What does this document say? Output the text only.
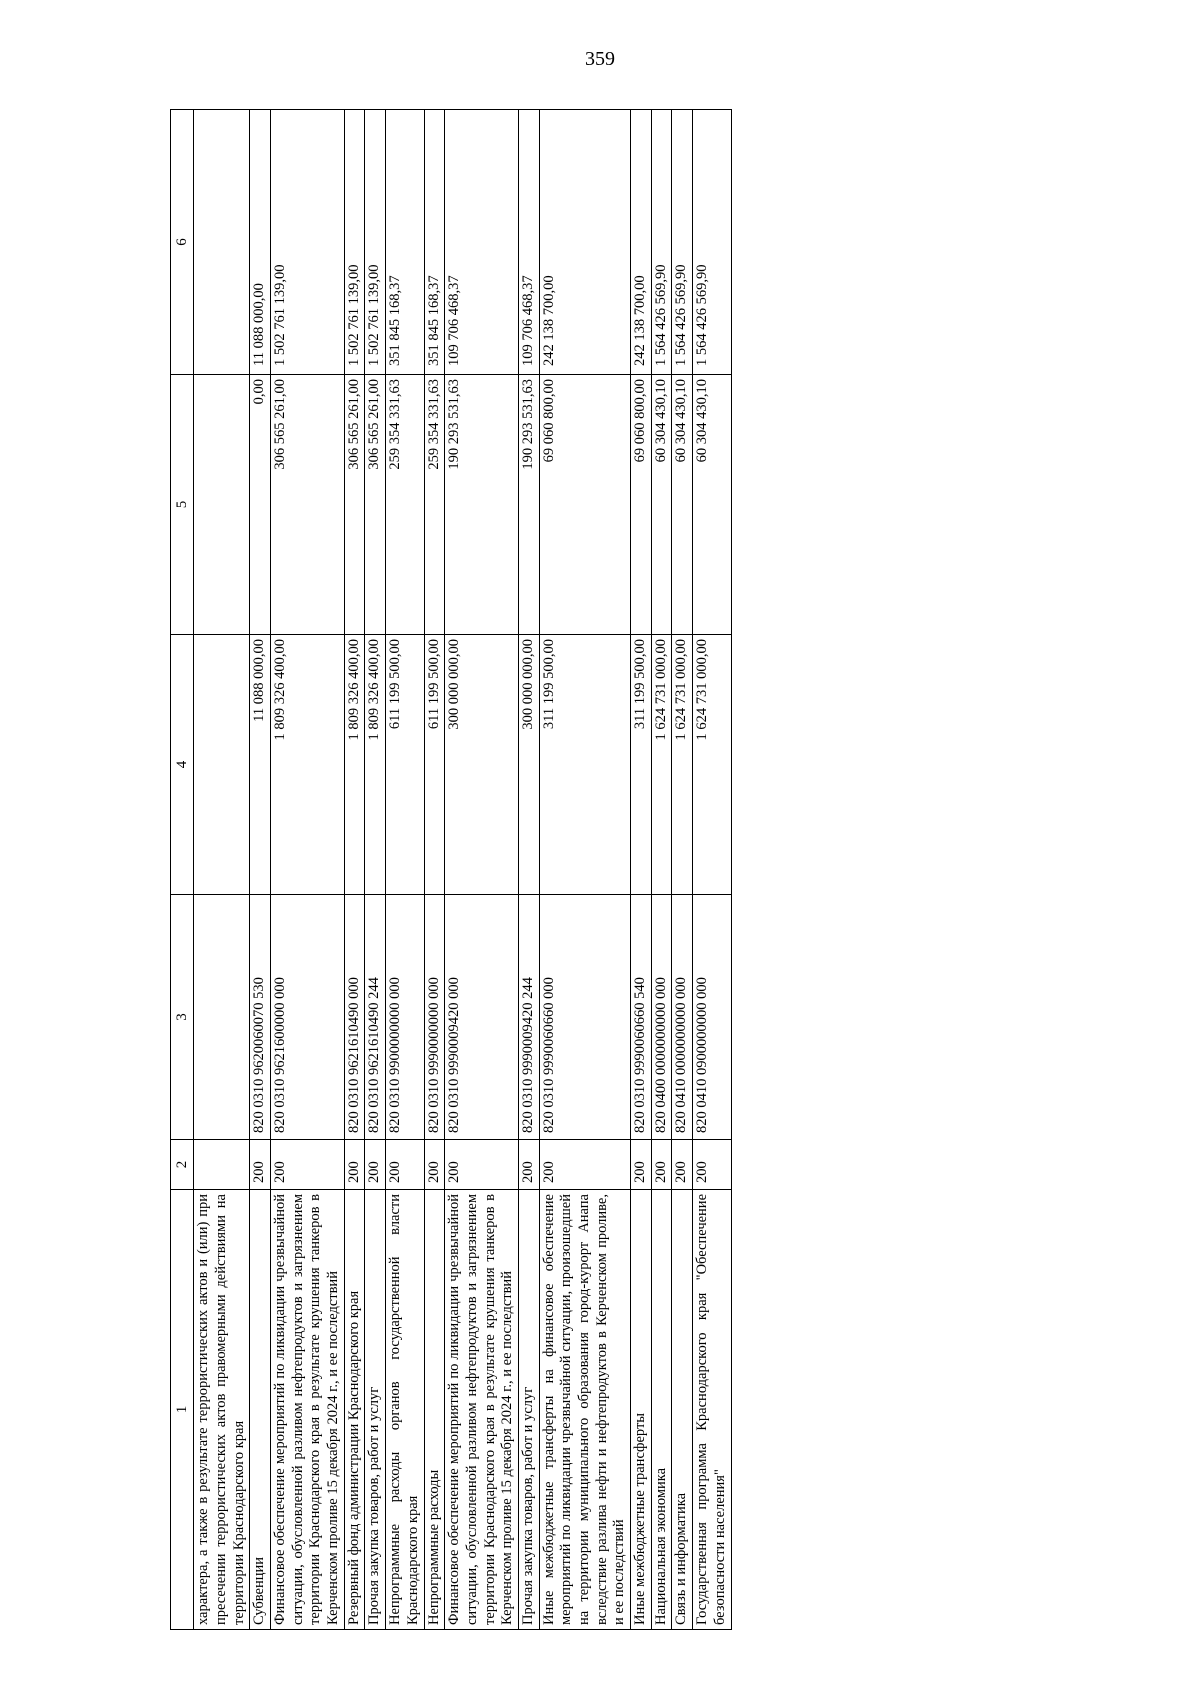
359
1	2	3	4	5	6
характера, а также в результате террористических актов и (или) при пресечении террористических актов правомерными действиями на территории Краснодарского края					
Субвенции	200	820 0310 9620060070 530	11 088 000,00	0,00	11 088 000,00
Финансовое обеспечение мероприятий по ликвидации чрезвычайной ситуации, обусловленной разливом нефтепродуктов и загрязнением территории Краснодарского края в результате крушения танкеров в Керченском проливе 15 декабря 2024 г., и ее последствий	200	820 0310 9621600000 000	1 809 326 400,00	306 565 261,00	1 502 761 139,00
Резервный фонд администрации Краснодарского края	200	820 0310 9621610490 000	1 809 326 400,00	306 565 261,00	1 502 761 139,00
Прочая закупка товаров, работ и услуг	200	820 0310 9621610490 244	1 809 326 400,00	306 565 261,00	1 502 761 139,00
Непрограммные расходы органов государственной власти Краснодарского края	200	820 0310 9900000000 000	611 199 500,00	259 354 331,63	351 845 168,37
Непрограммные расходы	200	820 0310 9990000000 000	611 199 500,00	259 354 331,63	351 845 168,37
Финансовое обеспечение мероприятий по ликвидации чрезвычайной ситуации, обусловленной разливом нефтепродуктов и загрязнением территории Краснодарского края в результате крушения танкеров в Керченском проливе 15 декабря 2024 г., и ее последствий	200	820 0310 9990009420 000	300 000 000,00	190 293 531,63	109 706 468,37
Прочая закупка товаров, работ и услуг	200	820 0310 9990009420 244	300 000 000,00	190 293 531,63	109 706 468,37
Иные межбюджетные трансферты на финансовое обеспечение мероприятий по ликвидации чрезвычайной ситуации, произошедшей на территории муниципального образования город-курорт Анапа вследствие разлива нефти и нефтепродуктов в Керченском проливе, и ее последствий	200	820 0310 9990060660 000	311 199 500,00	69 060 800,00	242 138 700,00
Иные межбюджетные трансферты	200	820 0310 9990060660 540	311 199 500,00	69 060 800,00	242 138 700,00
Национальная экономика	200	820 0400 0000000000 000	1 624 731 000,00	60 304 430,10	1 564 426 569,90
Связь и информатика	200	820 0410 0000000000 000	1 624 731 000,00	60 304 430,10	1 564 426 569,90
Государственная программа Краснодарского края "Обеспечение безопасности населения"	200	820 0410 0900000000 000	1 624 731 000,00	60 304 430,10	1 564 426 569,90
